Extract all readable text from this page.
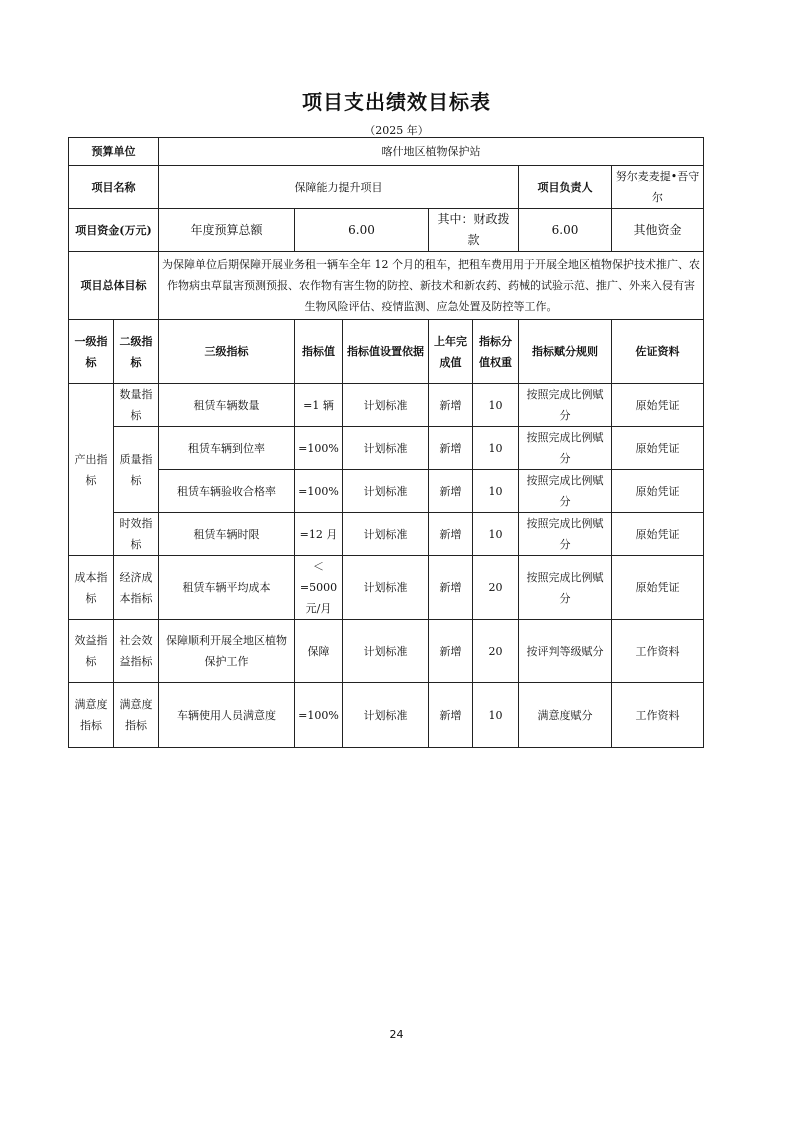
项目支出绩效目标表
（2025 年）
预算单位		喀什地区植物保护站						
项目名称		保障能力提升项目					项目负责人	努尔麦麦提•吾守尔
项目资金(万元)		年度预算总额	6.00		其中：财政拨款		6.00	其他资金
项目总体目标		为保障单位后期保障开展业务租一辆车全年 12 个月的租车，把租车费用用于开展全地区植物保护技术推广、农作物病虫草鼠害预测预报、农作物有害生物的防控、新技术和新农药、药械的试验示范、推广、外来入侵有害生物风险评估、疫情监测、应急处置及防控等工作。						
一级指标	二级指标	三级指标	指标值	指标值设置依据	上年完成值	指标分值权重	指标赋分规则	佐证资料
产出指标	数量指标	租赁车辆数量	=1 辆	计划标准	新增	10	按照完成比例赋分	原始凭证
	质量指标	租赁车辆到位率	=100%	计划标准	新增	10	按照完成比例赋分	原始凭证
		租赁车辆验收合格率	=100%	计划标准	新增	10	按照完成比例赋分	原始凭证
	时效指标	租赁车辆时限	=12 月	计划标准	新增	10	按照完成比例赋分	原始凭证
成本指标	经济成本指标	租赁车辆平均成本	＜=5000元/月	计划标准	新增	20	按照完成比例赋分	原始凭证
效益指标	社会效益指标	保障顺利开展全地区植物保护工作	保障	计划标准	新增	20	按评判等级赋分	工作资料
满意度指标	满意度指标	车辆使用人员满意度	=100%	计划标准	新增	10	满意度赋分	工作资料
24
